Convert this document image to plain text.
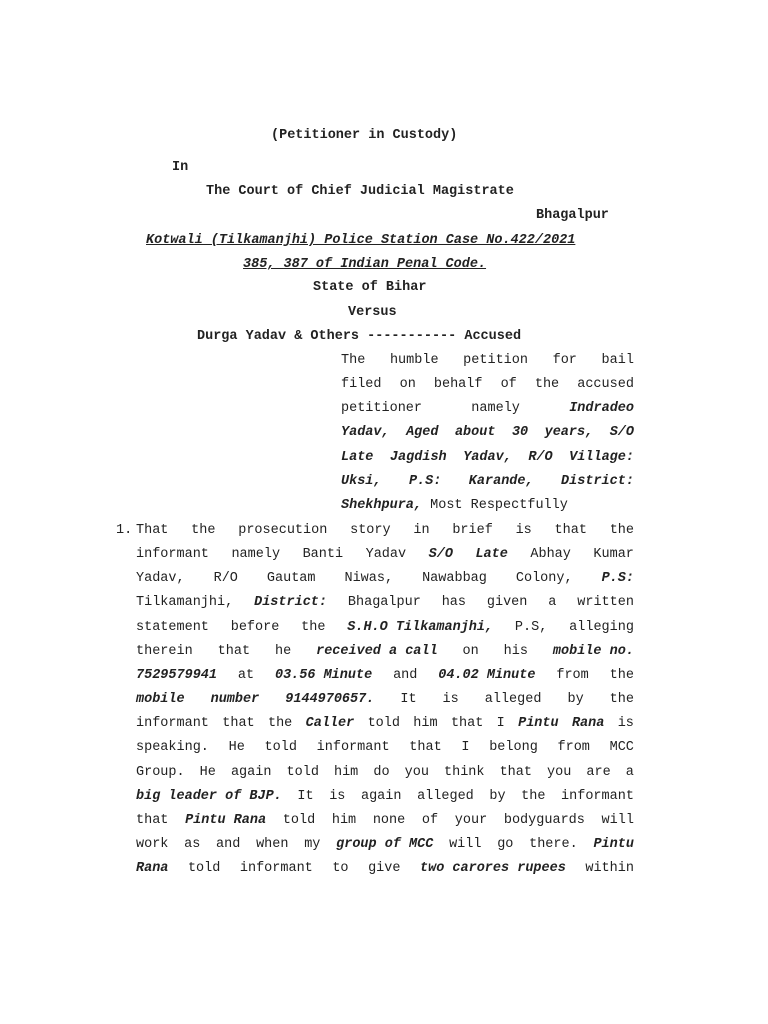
(Petitioner in Custody)
In
The Court of Chief Judicial Magistrate
Bhagalpur
Kotwali (Tilkamanjhi) Police Station Case No.422/2021
385, 387 of Indian Penal Code.
State of Bihar
Versus
Durga Yadav & Others ----------- Accused
The humble petition for bail
filed on behalf of the accused
petitioner	namely	Indradeo
Yadav, Aged about 30 years, S/O
Late Jagdish Yadav, R/O Village:
Uksi, P.S: Karande, District:
Shekhpura, Most Respectfully
1. That the prosecution story in brief is that the
informant namely Banti Yadav S/O Late Abhay Kumar
Yadav, R/O Gautam Niwas, Nawabbag Colony, P.S:
Tilkamanjhi, District: Bhagalpur has given a written
statement before the S.H.O Tilkamanjhi, P.S, alleging
therein that he received a call on his mobile no.
7529579941 at 03.56 Minute and 04.02 Minute from the
mobile number 9144970657. It is alleged by the
informant that the Caller told him that I Pintu Rana is
speaking. He told informant that I belong from MCC
Group. He again told him do you think that you are a
big leader of BJP. It is again alleged by the informant
that Pintu Rana told him none of your bodyguards will
work as and when my group of MCC will go there. Pintu
Rana told informant to give two carores rupees within
